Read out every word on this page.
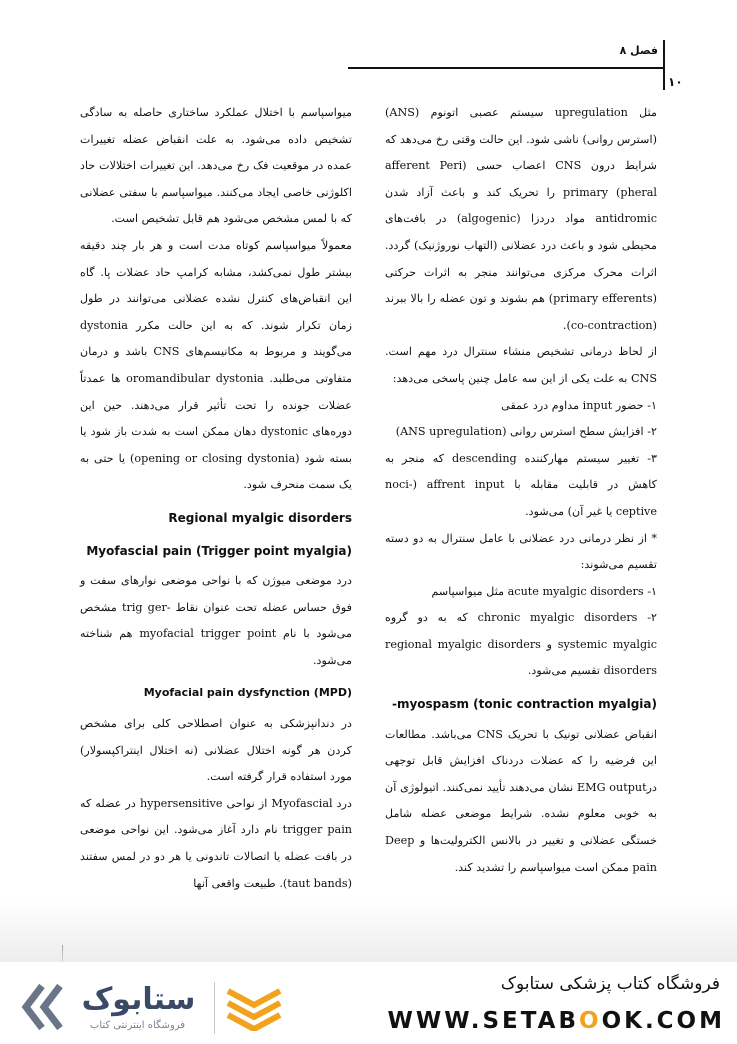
فصل ۸
۱۰

مثل upregulation سیستم عصبی اتونوم (ANS) (استرس روانی) ناشی شود. این حالت وقتی رخ می‌دهد که شرایط درون CNS اعصاب حسی (afferent Peri pheral) primary را تحریک کند و باعث آزاد شدن antidromic مواد دردزا (algogenic) در بافت‌های محیطی شود و باعث درد عضلانی (التهاب نوروژنیک) گردد. اثرات محرک مرکزی می‌توانند منجر به اثرات حرکتی (primary efferents) هم بشوند و تون عضله را بالا ببرند (co-contraction).

از لحاظ درمانی تشخیص منشاء سنترال درد مهم است. CNS به علت یکی از این سه عامل چنین پاسخی می‌دهد:

۱- حضور input مداوم درد عمقی

۲- افزایش سطح استرس روانی (ANS upregulation)

۳- تغییر سیستم مهارکننده descending که منجر به کاهش در قابلیت مقابله با noci-) affrent input ceptive یا غیر آن) می‌شود.

* از نظر درمانی درد عضلانی با عامل سنترال به دو دسته تقسیم می‌شوند:

۱- acute myalgic disorders مثل میواسپاسم

۲- chronic myalgic disorders که به دو گروه systemic myalgic و regional myalgic disorders disorders تقسیم می‌شود.

(tonic contraction myalgia) myospasm-

انقباض عضلانی تونیک با تحریک CNS می‌باشد. مطالعات این فرضیه را که عضلات دردناک افزایش قابل توجهی درEMG output نشان می‌دهند تأیید نمی‌کنند. اتیولوژی آن به خوبی معلوم نشده. شرایط موضعی عضله شامل خستگی عضلانی و تغییر در بالانس الکترولیت‌ها و Deep pain ممکن است میواسپاسم را تشدید کند.

میواسپاسم با اختلال عملکرد ساختاری حاصله به سادگی تشخیص داده می‌شود. به علت انقباض عضله تغییرات عمده در موقعیت فک رخ می‌دهد. این تغییرات اختلالات حاد اکلوژنی خاصی ایجاد می‌کنند. میواسپاسم با سفتی عضلانی که با لمس مشخص می‌شود هم قابل تشخیص است.

معمولاً میواسپاسم کوتاه مدت است و هر بار چند دقیقه بیشتر طول نمی‌کشد، مشابه کرامپ حاد عضلات پا. گاه این انقباض‌های کنترل نشده عضلانی می‌توانند در طول زمان تکرار شوند. که به این حالت مکرر dystonia می‌گویند و مربوط به مکانیسم‌های CNS باشد و درمان متفاوتی می‌طلبد. oromandibular dystonia ها عمدتاً عضلات جونده را تحت تأثیر قرار می‌دهند. حین این دوره‌های dystonic دهان ممکن است به شدت باز شود یا بسته شود (opening or closing dystonia) یا حتی به یک سمت منحرف شود.

Regional myalgic disorders

Myofascial pain (Trigger point myalgia)

درد موضعی میوژن که با نواحی موضعی نوارهای سفت و فوق حساس عضله تحت عنوان نقاط -trig ger مشخص می‌شود با نام myofacial trigger point هم شناخته می‌شود.

(MPD) Myofacial pain dysfynction

در دندانپزشکی به عنوان اصطلاحی کلی برای مشخص کردن هر گونه اختلال عضلانی (نه اختلال اینتراکپسولار) مورد استفاده قرار گرفته است.

درد Myofascial از نواحی hypersensitive در عضله که trigger pain نام دارد آغاز می‌شود. این نواحی موضعی در بافت عضله یا اتصالات تاندونی یا هر دو در لمس سفتند (taut bands). طبیعت واقعی آنها

ستابوک
فروشگاه اینترنتی کتاب
فروشگاه کتاب پزشکی ستابوک
WWW.SETABOOK.COM
